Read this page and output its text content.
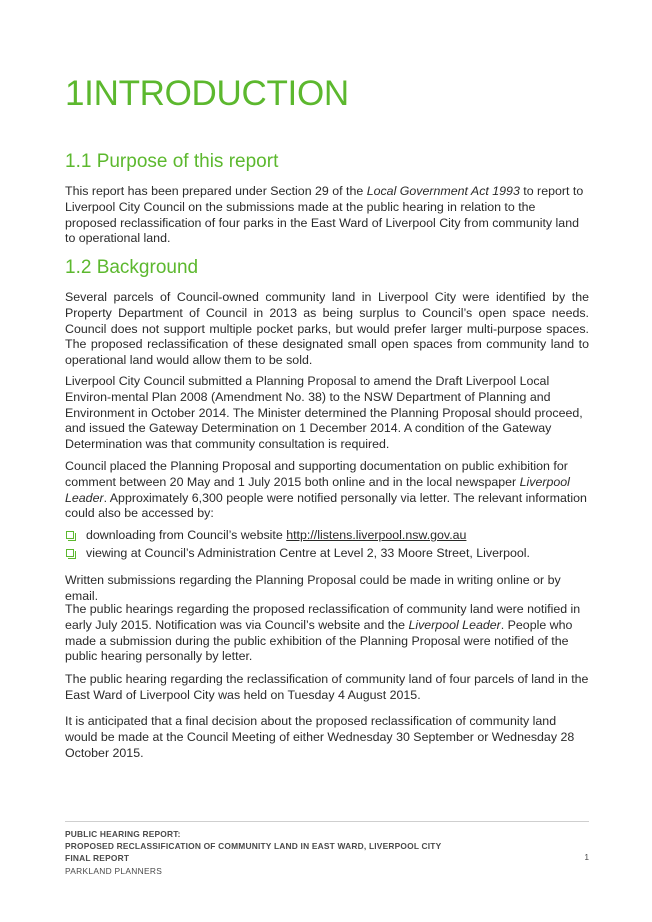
1INTRODUCTION
1.1 Purpose of this report

This report has been prepared under Section 29 of the Local Government Act 1993 to report to Liverpool City Council on the submissions made at the public hearing in relation to the proposed reclassification of four parks in the East Ward of Liverpool City from community land to operational land.

1.2 Background

Several parcels of Council-owned community land in Liverpool City were identified by the Property Department of Council in 2013 as being surplus to Council’s open space needs. Council does not support multiple pocket parks, but would prefer larger multi-purpose spaces. The proposed reclassification of these designated small open spaces from community land to operational land would allow them to be sold.

Liverpool City Council submitted a Planning Proposal to amend the Draft Liverpool Local Environ-mental Plan 2008 (Amendment No. 38) to the NSW Department of Planning and Environment in October 2014. The Minister determined the Planning Proposal should proceed, and issued the Gateway Determination on 1 December 2014. A condition of the Gateway Determination was that community consultation is required.

Council placed the Planning Proposal and supporting documentation on public exhibition for comment between 20 May and 1 July 2015 both online and in the local newspaper Liverpool Leader. Approximately 6,300 people were notified personally via letter. The relevant information could also be accessed by:

downloading from Council’s website http://listens.liverpool.nsw.gov.au
viewing at Council’s Administration Centre at Level 2, 33 Moore Street, Liverpool.

Written submissions regarding the Planning Proposal could be made in writing online or by email.

The public hearings regarding the proposed reclassification of community land were notified in early July 2015. Notification was via Council’s website and the Liverpool Leader. People who made a submission during the public exhibition of the Planning Proposal were notified of the public hearing personally by letter.

The public hearing regarding the reclassification of community land of four parcels of land in the East Ward of Liverpool City was held on Tuesday 4 August 2015.

It is anticipated that a final decision about the proposed reclassification of community land would be made at the Council Meeting of either Wednesday 30 September or Wednesday 28 October 2015.

PUBLIC HEARING REPORT:
PROPOSED RECLASSIFICATION OF COMMUNITY LAND IN EAST WARD, LIVERPOOL CITY
FINAL REPORT
PARKLAND PLANNERS
1
